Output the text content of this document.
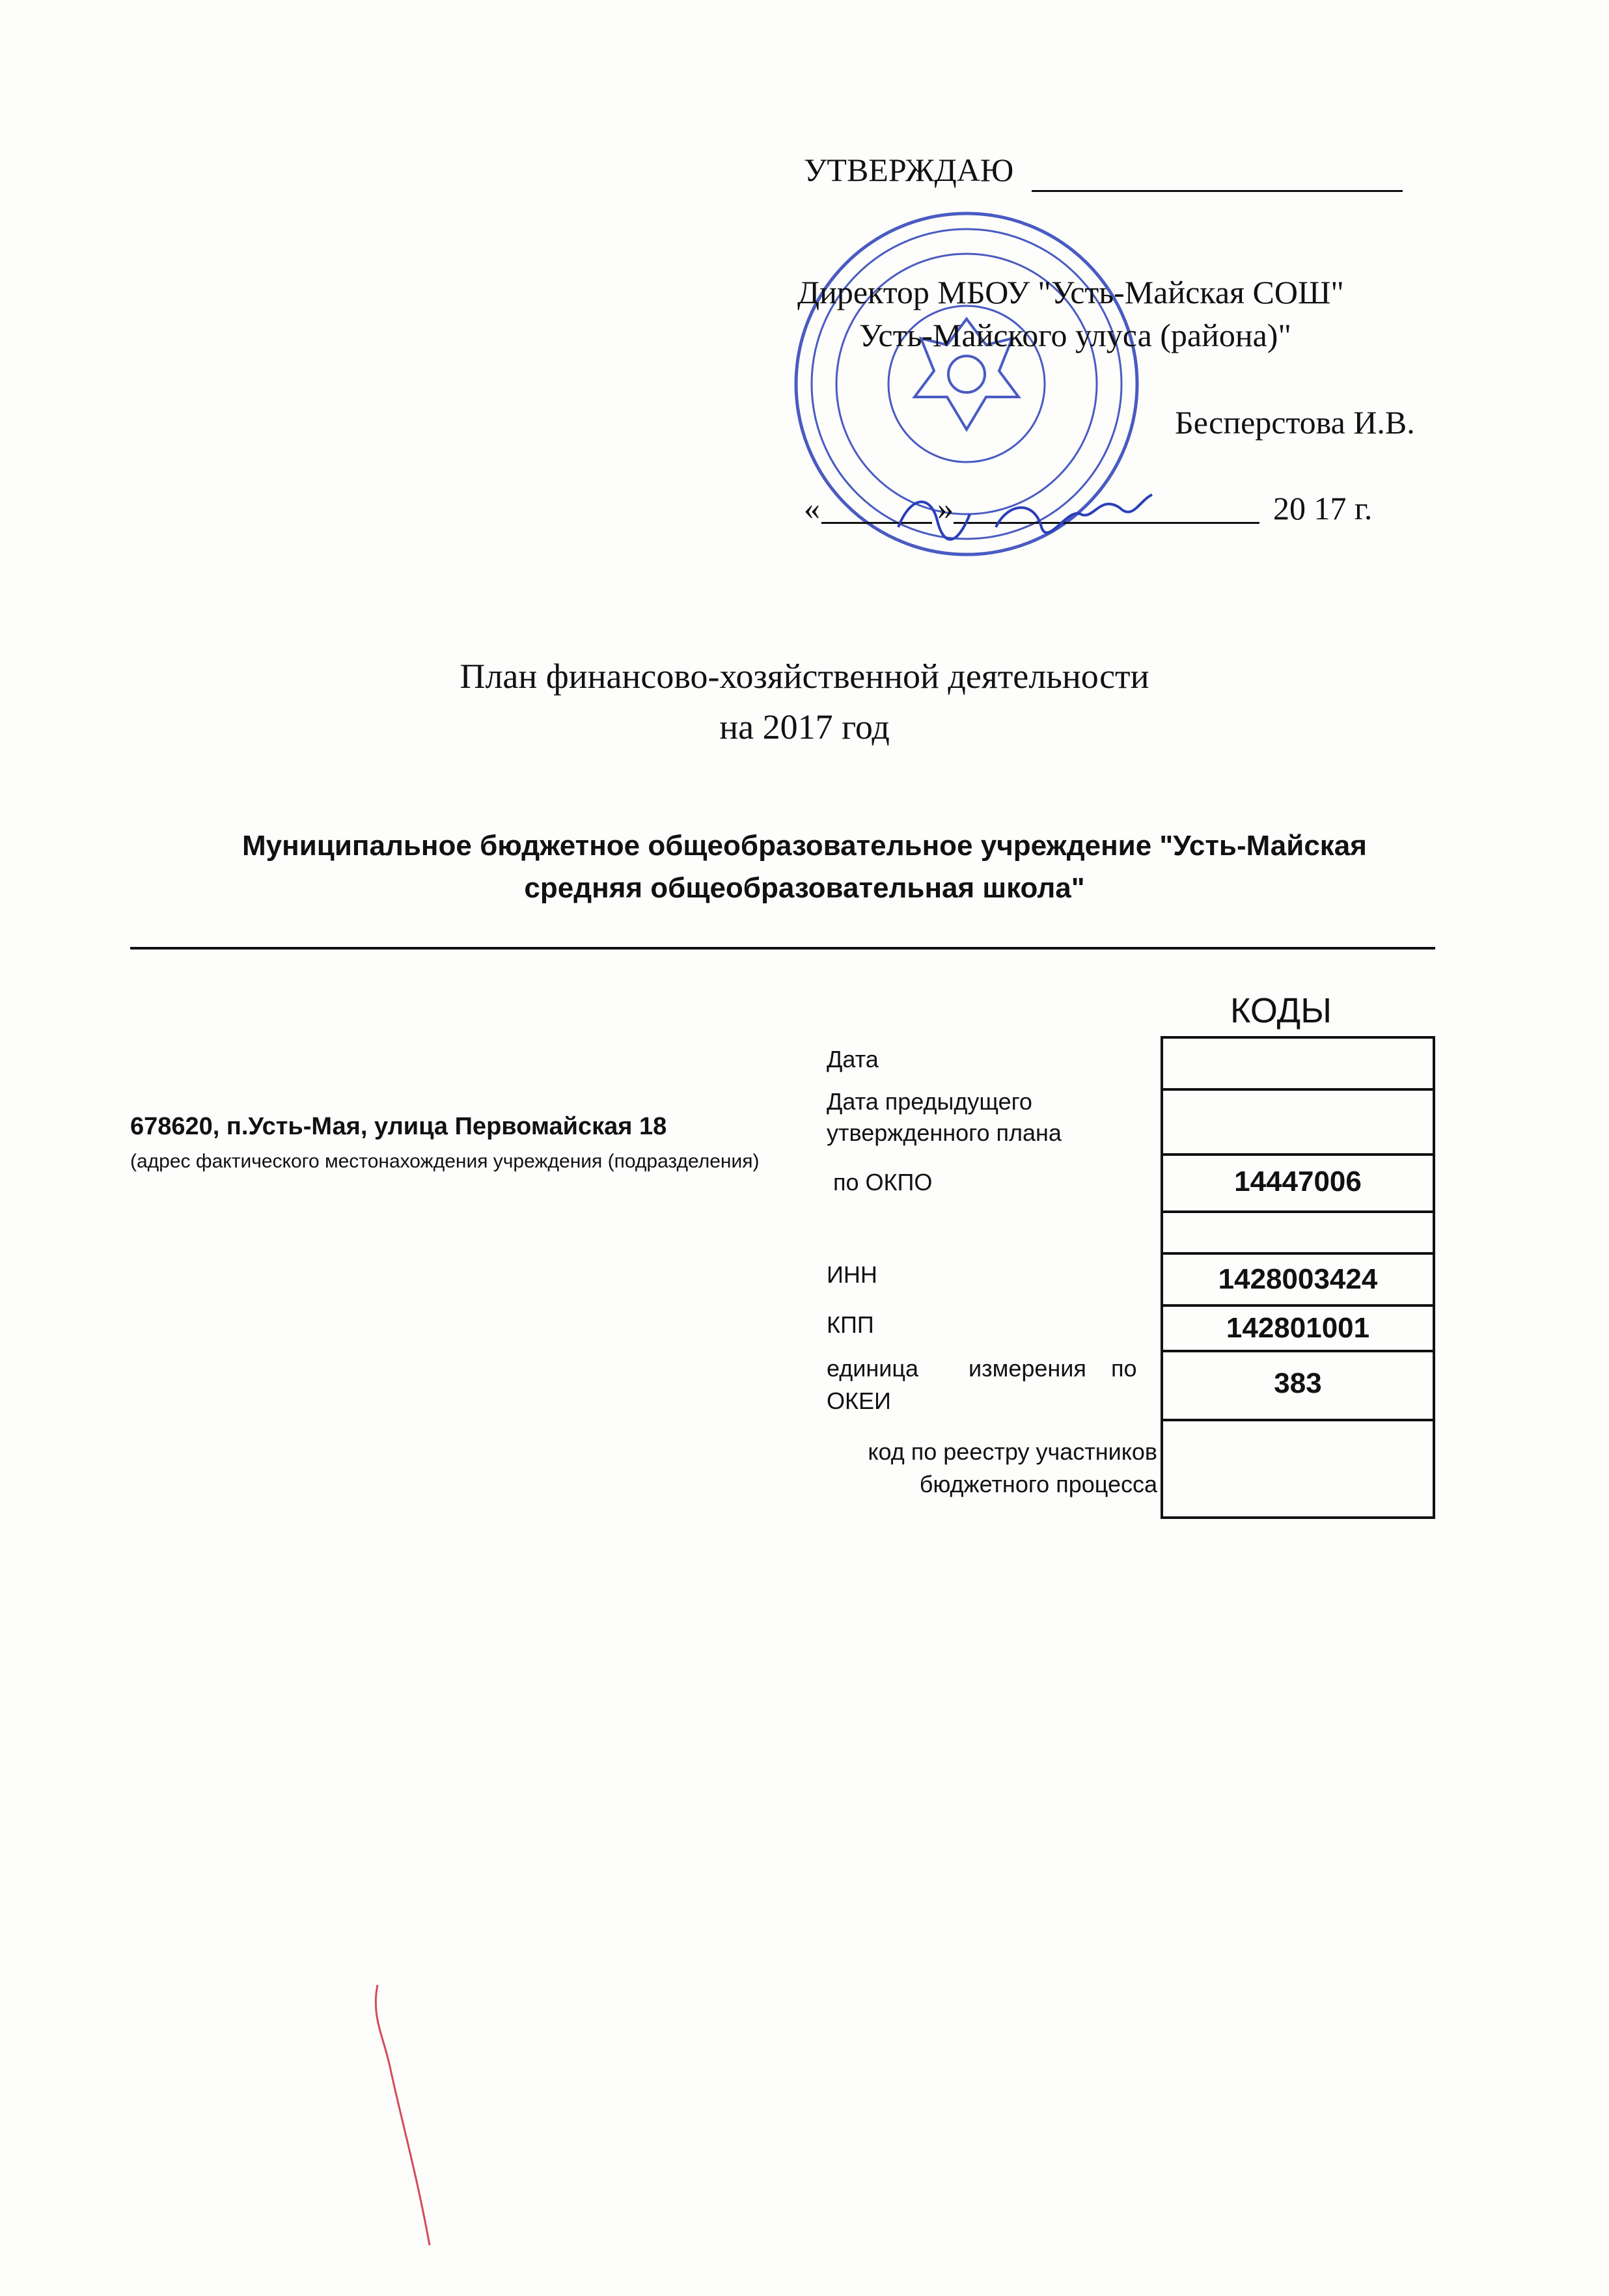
УТВЕРЖДАЮ
Директор МБОУ "Усть-Майская СОШ"
Усть-Майского улуса (района)"
Бесперстова И.В.
«	»	20 17 г.
План финансово-хозяйственной деятельности
на 2017 год
Муниципальное бюджетное общеобразовательное учреждение "Усть-Майская
средняя общеобразовательная школа"
678620, п.Усть-Мая, улица Первомайская 18
(адрес фактического местонахождения учреждения (подразделения)
КОДЫ
Дата
Дата предыдущего
утвержденного плана
по ОКПО
ИНН
КПП
единица измерения по
ОКЕИ
код по реестру участников
бюджетного процесса
14447006
1428003424
142801001
383
